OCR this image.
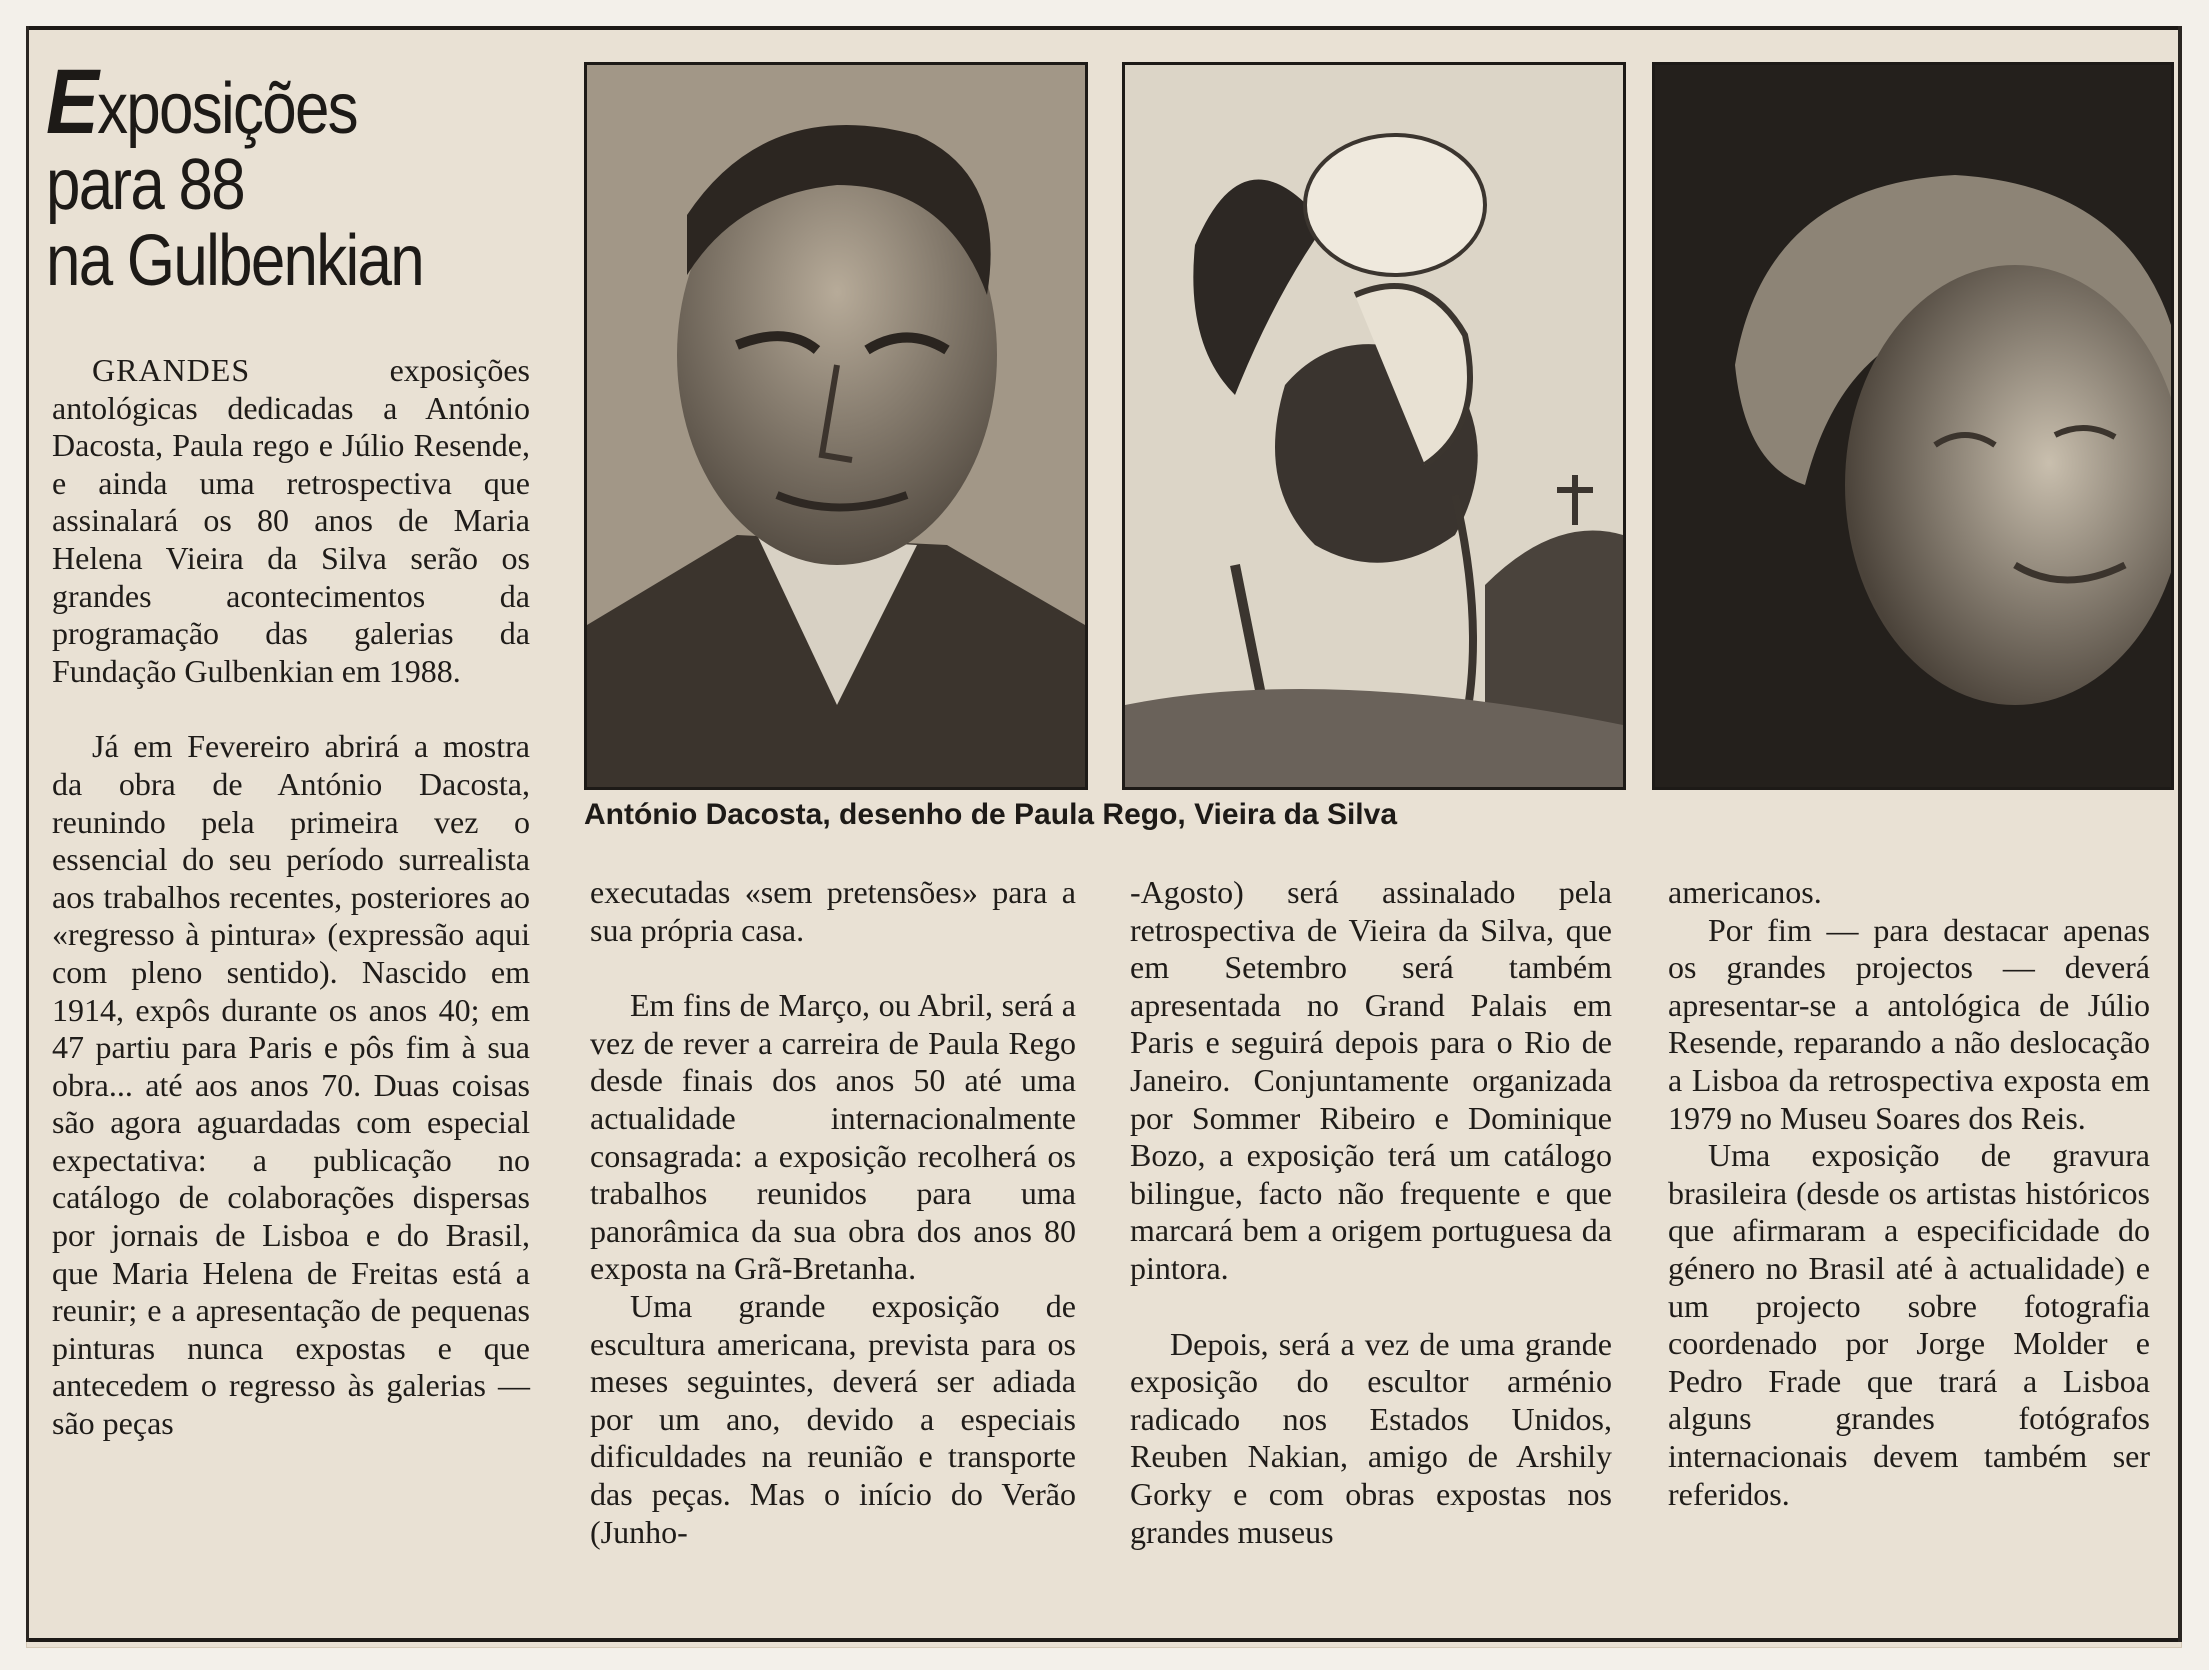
Exposições
para 88
na Gulbenkian

GRANDES exposições antológicas dedicadas a António Dacosta, Paula rego e Júlio Resende, e ainda uma retrospectiva que assinalará os 80 anos de Maria Helena Vieira da Silva serão os grandes acontecimentos da programação das galerias da Fundação Gulbenkian em 1988.

Já em Fevereiro abrirá a mostra da obra de António Dacosta, reunindo pela primeira vez o essencial do seu período surrealista aos trabalhos recentes, posteriores ao «regresso à pintura» (expressão aqui com pleno sentido). Nascido em 1914, expôs durante os anos 40; em 47 partiu para Paris e pôs fim à sua obra... até aos anos 70. Duas coisas são agora aguardadas com especial expectativa: a publicação no catálogo de colaborações dispersas por jornais de Lisboa e do Brasil, que Maria Helena de Freitas está a reunir; e a apresentação de pequenas pinturas nunca expostas e que antecedem o regresso às galerias — são peças

António Dacosta, desenho de Paula Rego, Vieira da Silva

executadas «sem pretensões» para a sua própria casa.

Em fins de Março, ou Abril, será a vez de rever a carreira de Paula Rego desde finais dos anos 50 até uma actualidade internacionalmente consagrada: a exposição recolherá os trabalhos reunidos para uma panorâmica da sua obra dos anos 80 exposta na Grã-Bretanha.

Uma grande exposição de escultura americana, prevista para os meses seguintes, deverá ser adiada por um ano, devido a especiais dificuldades na reunião e transporte das peças. Mas o início do Verão (Junho-

-Agosto) será assinalado pela retrospectiva de Vieira da Silva, que em Setembro será também apresentada no Grand Palais em Paris e seguirá depois para o Rio de Janeiro. Conjuntamente organizada por Sommer Ribeiro e Dominique Bozo, a exposição terá um catálogo bilingue, facto não frequente e que marcará bem a origem portuguesa da pintora.

Depois, será a vez de uma grande exposição do escultor arménio radicado nos Estados Unidos, Reuben Nakian, amigo de Arshily Gorky e com obras expostas nos grandes museus

americanos.

Por fim — para destacar apenas os grandes projectos — deverá apresentar-se a antológica de Júlio Resende, reparando a não deslocação a Lisboa da retrospectiva exposta em 1979 no Museu Soares dos Reis.

Uma exposição de gravura brasileira (desde os artistas históricos que afirmaram a especificidade do género no Brasil até à actualidade) e um projecto sobre fotografia coordenado por Jorge Molder e Pedro Frade que trará a Lisboa alguns grandes fotógrafos internacionais devem também ser referidos.
